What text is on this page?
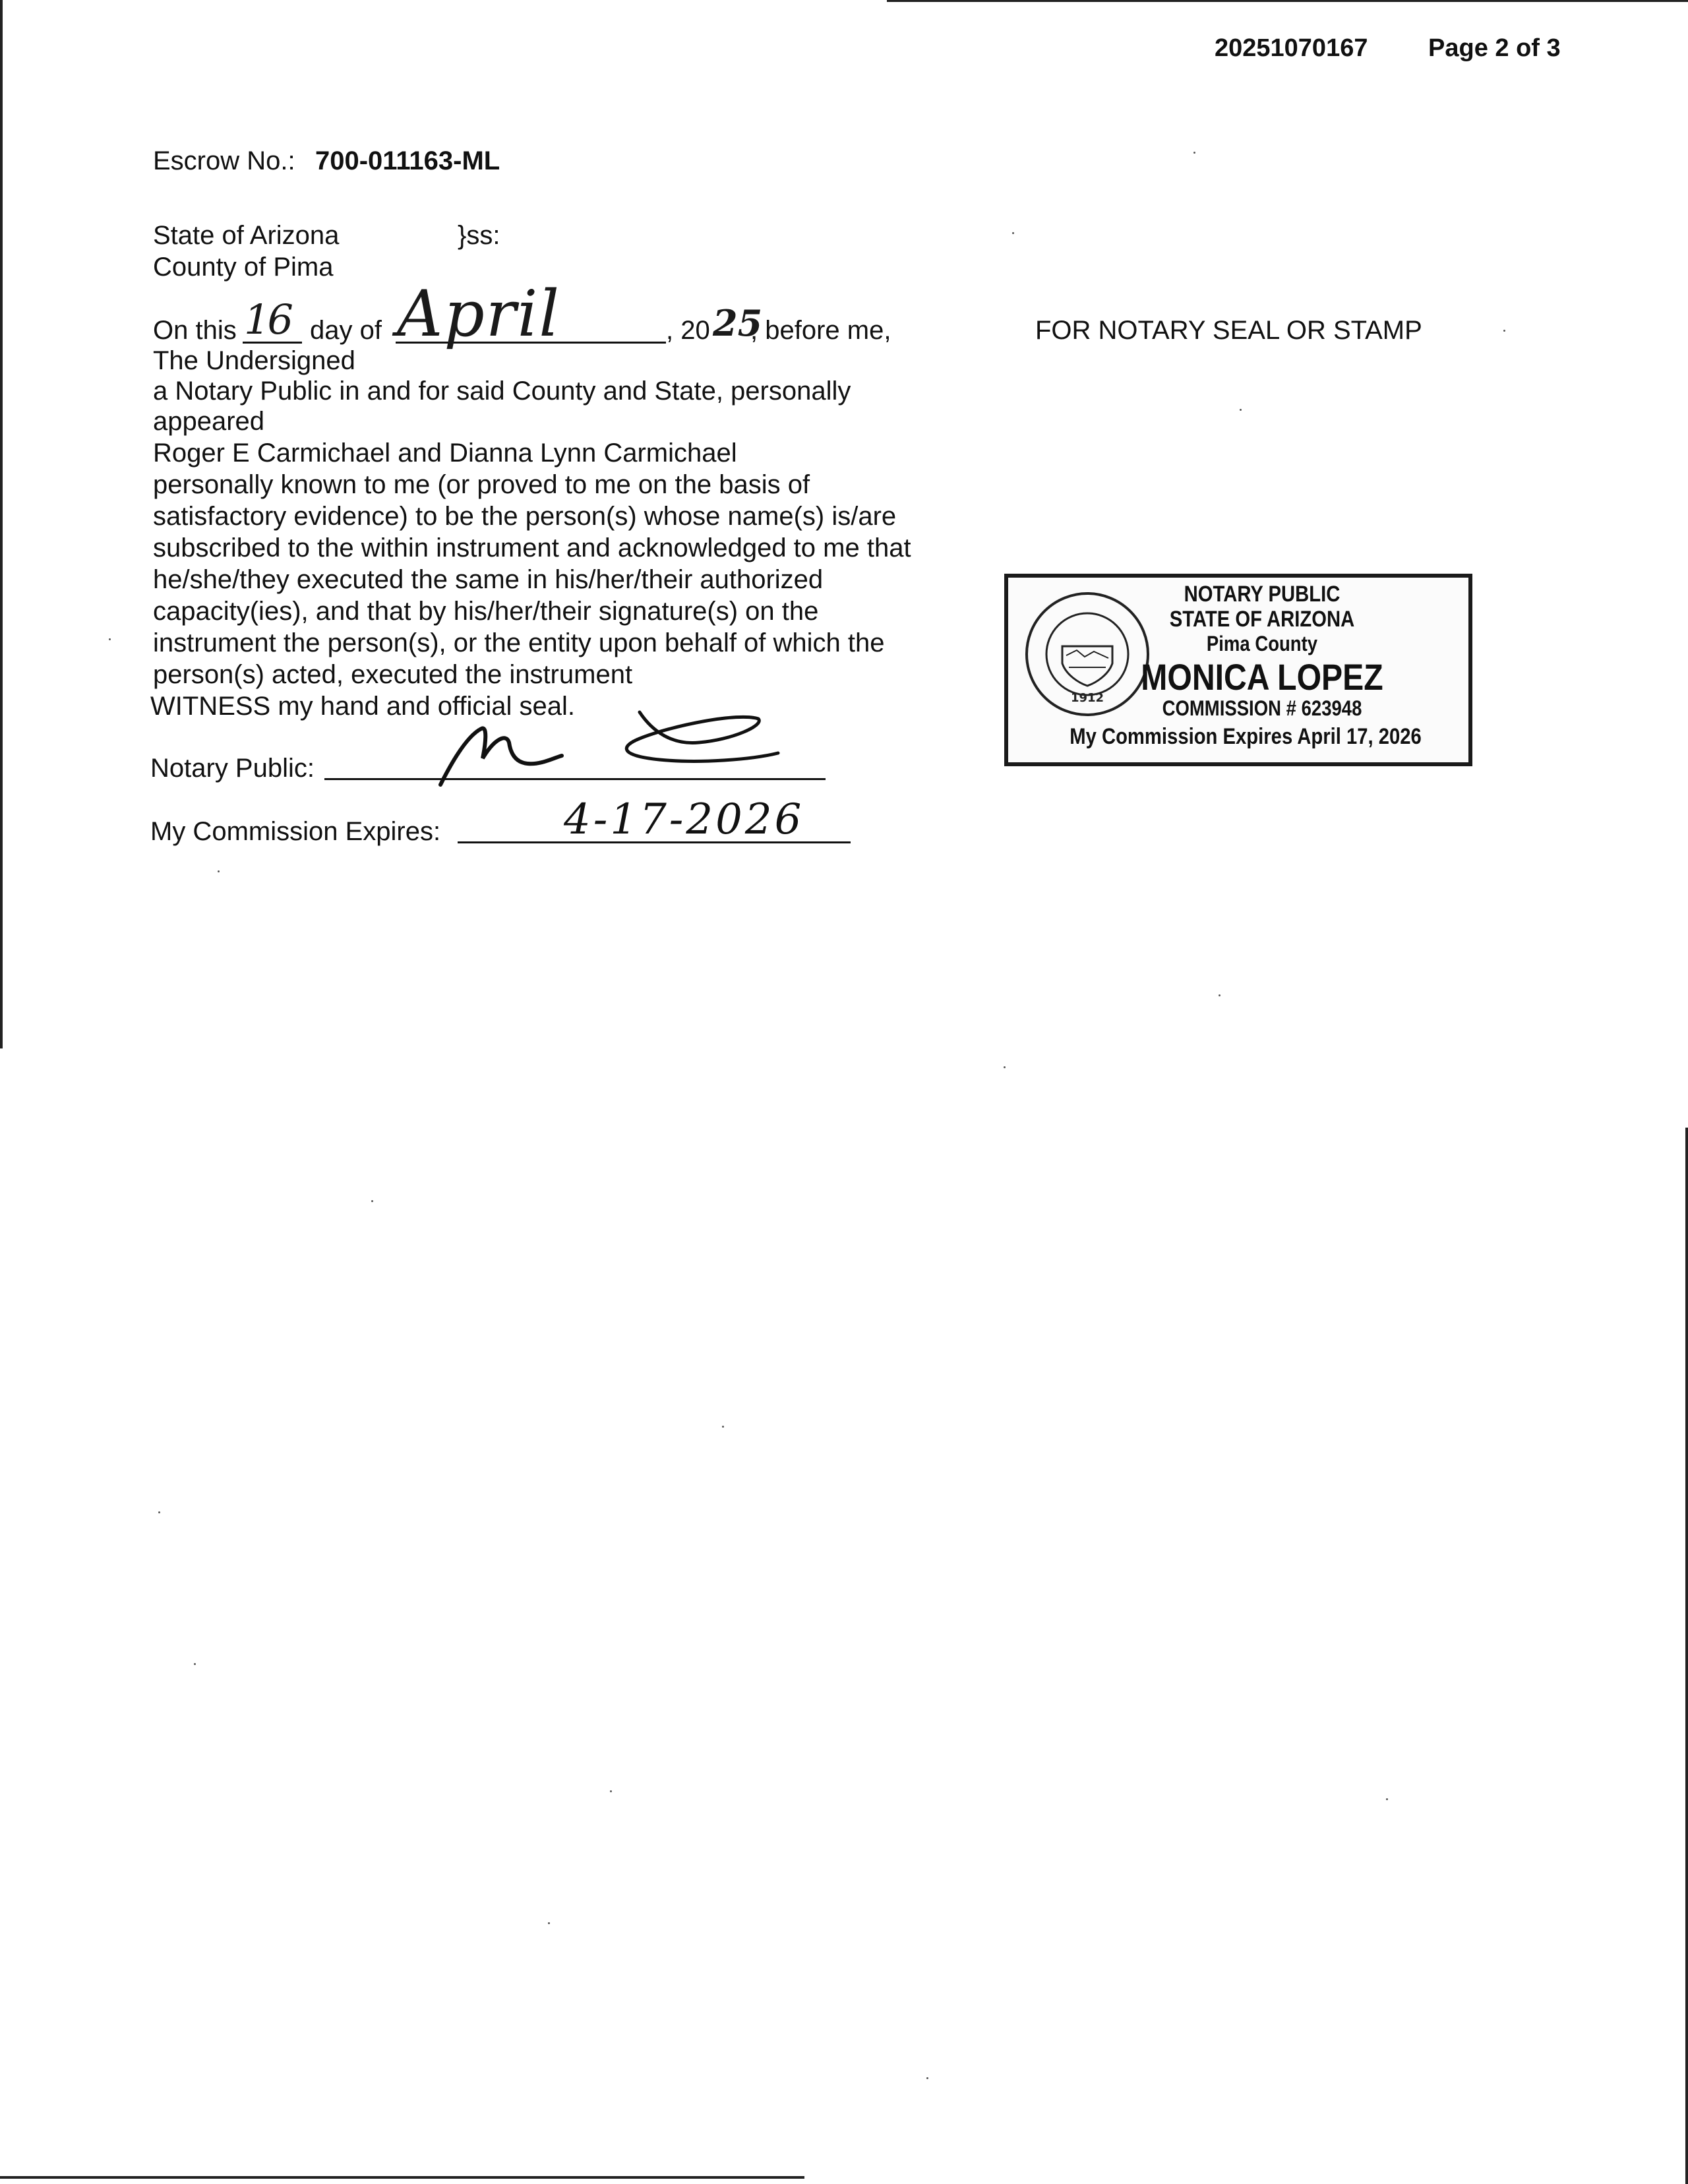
20251070167 Page 2 of 3
Escrow No.: 700-011163-ML
State of Arizona	}ss:
County of Pima
On this 16 day of April	, 20 25
, before me,
The Undersigned
a Notary Public in and for said County and State, personally
appeared
Roger E Carmichael and Dianna Lynn Carmichael
personally known to me (or proved to me on the basis of
satisfactory evidence) to be the person(s) whose name(s) is/are
subscribed to the within instrument and acknowledged to me that
he/she/they executed the same in his/her/their authorized
capacity(ies), and that by his/her/their signature(s) on the
instrument the person(s), or the entity upon behalf of which the
person(s) acted, executed the instrument
WITNESS my hand and official seal.
Notary Public:
My Commission Expires:	4-17-2026
FOR NOTARY SEAL OR STAMP
1912
NOTARY PUBLIC
STATE OF ARIZONA
Pima County
MONICA LOPEZ
COMMISSION # 623948
My Commission Expires April 17, 2026
